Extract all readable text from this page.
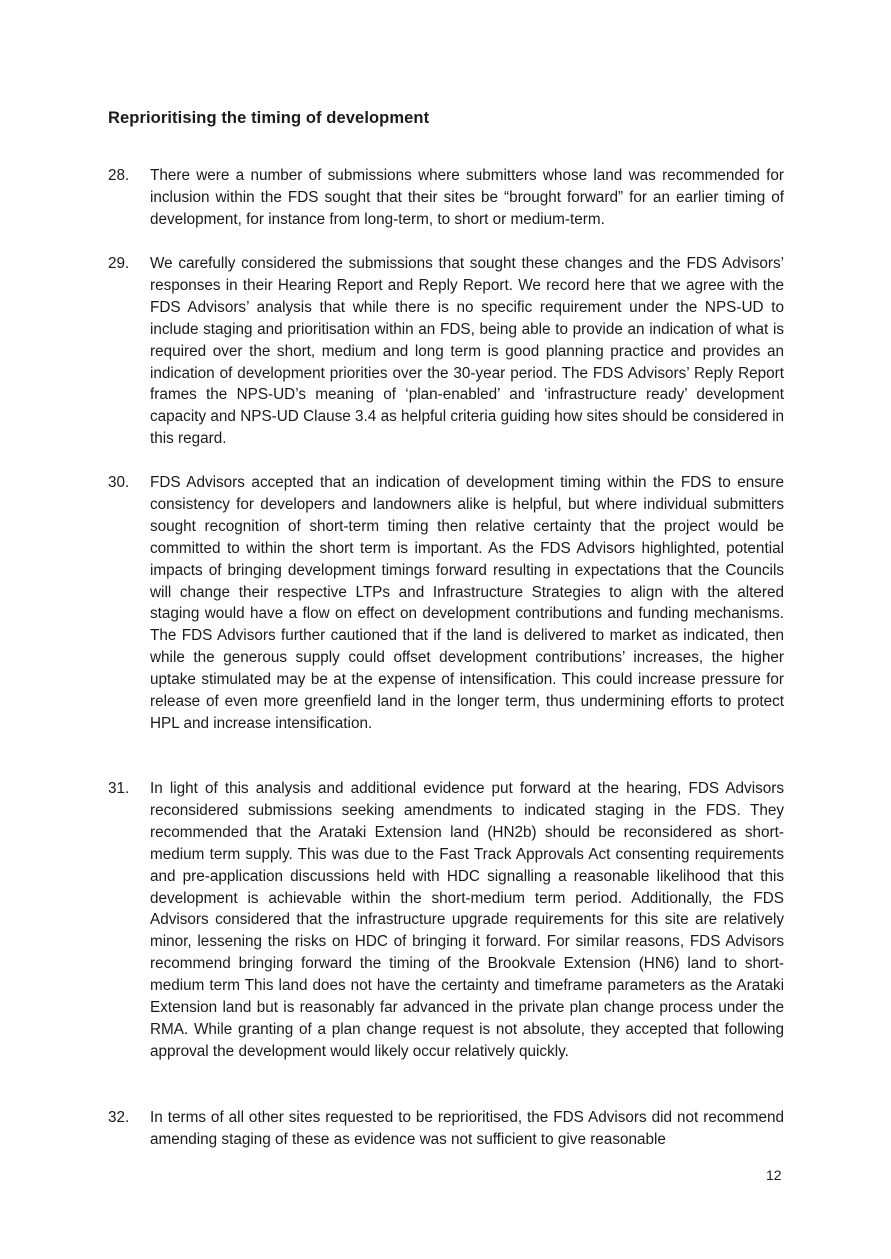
Reprioritising the timing of development
28. There were a number of submissions where submitters whose land was recommended for inclusion within the FDS sought that their sites be “brought forward” for an earlier timing of development, for instance from long-term, to short or medium-term.

29. We carefully considered the submissions that sought these changes and the FDS Advisors’ responses in their Hearing Report and Reply Report. We record here that we agree with the FDS Advisors’ analysis that while there is no specific requirement under the NPS-UD to include staging and prioritisation within an FDS, being able to provide an indication of what is required over the short, medium and long term is good planning practice and provides an indication of development priorities over the 30-year period. The FDS Advisors’ Reply Report frames the NPS-UD’s meaning of ‘plan-enabled’ and ‘infrastructure ready’ development capacity and NPS-UD Clause 3.4 as helpful criteria guiding how sites should be considered in this regard.

30. FDS Advisors accepted that an indication of development timing within the FDS to ensure consistency for developers and landowners alike is helpful, but where individual submitters sought recognition of short-term timing then relative certainty that the project would be committed to within the short term is important. As the FDS Advisors highlighted, potential impacts of bringing development timings forward resulting in expectations that the Councils will change their respective LTPs and Infrastructure Strategies to align with the altered staging would have a flow on effect on development contributions and funding mechanisms. The FDS Advisors further cautioned that if the land is delivered to market as indicated, then while the generous supply could offset development contributions’ increases, the higher uptake stimulated may be at the expense of intensification. This could increase pressure for release of even more greenfield land in the longer term, thus undermining efforts to protect HPL and increase intensification.

31. In light of this analysis and additional evidence put forward at the hearing, FDS Advisors reconsidered submissions seeking amendments to indicated staging in the FDS. They recommended that the Arataki Extension land (HN2b) should be reconsidered as short-medium term supply. This was due to the Fast Track Approvals Act consenting requirements and pre-application discussions held with HDC signalling a reasonable likelihood that this development is achievable within the short-medium term period. Additionally, the FDS Advisors considered that the infrastructure upgrade requirements for this site are relatively minor, lessening the risks on HDC of bringing it forward. For similar reasons, FDS Advisors recommend bringing forward the timing of the Brookvale Extension (HN6) land to short-medium term This land does not have the certainty and timeframe parameters as the Arataki Extension land but is reasonably far advanced in the private plan change process under the RMA. While granting of a plan change request is not absolute, they accepted that following approval the development would likely occur relatively quickly.

32. In terms of all other sites requested to be reprioritised, the FDS Advisors did not recommend amending staging of these as evidence was not sufficient to give reasonable

12
